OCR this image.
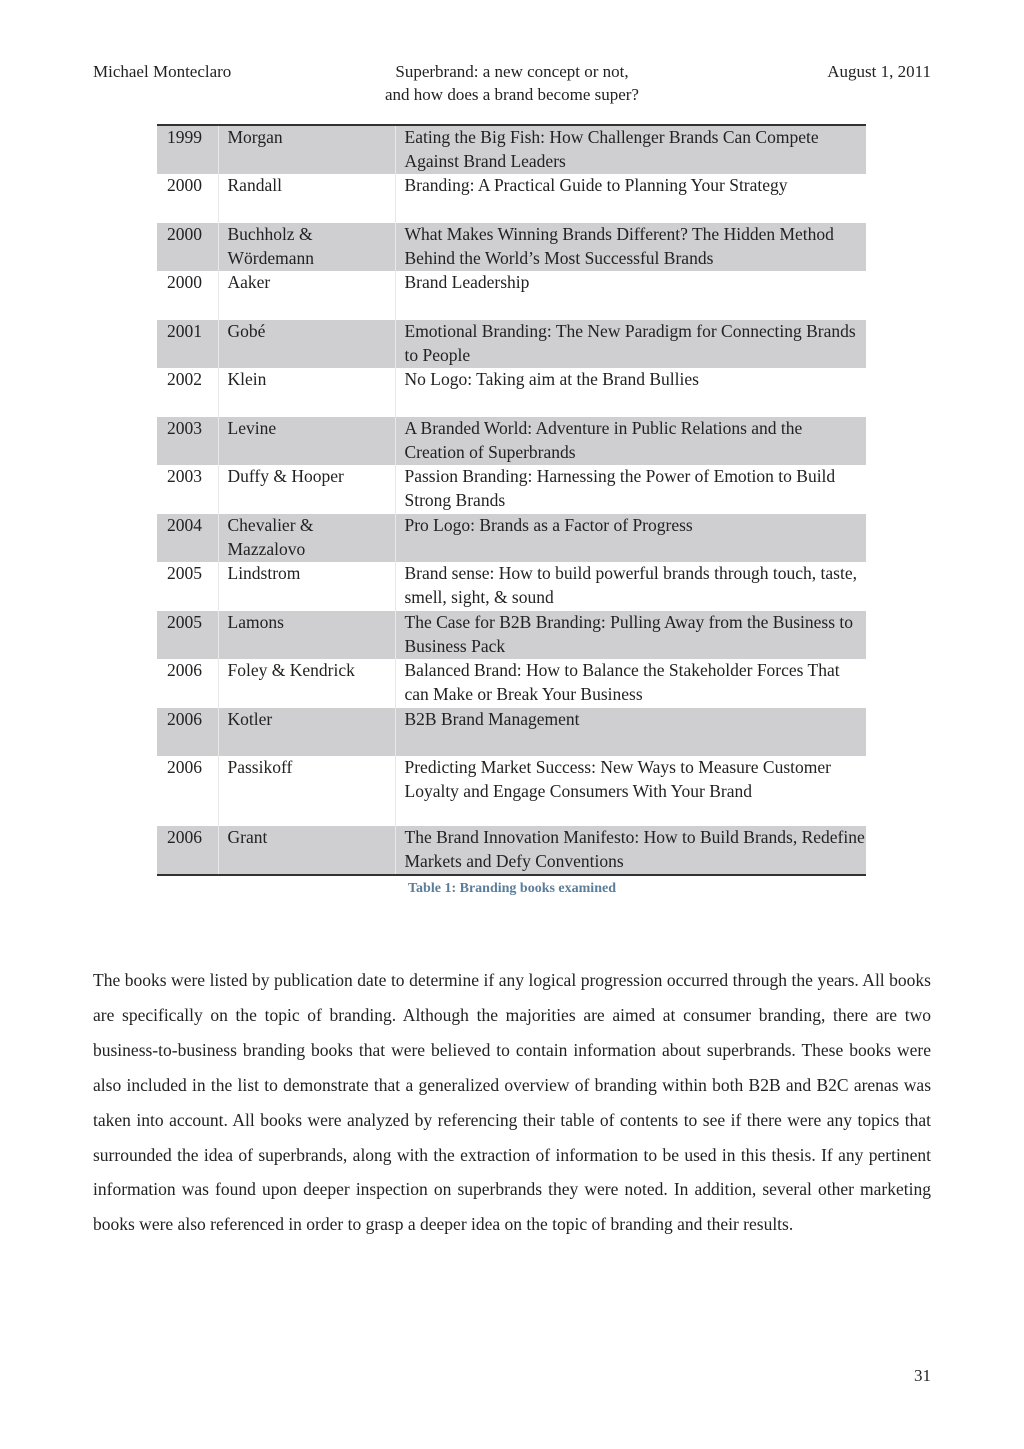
Michael Monteclaro	Superbrand: a new concept or not,
and how does a brand become super?
August 1, 2011
1999	Morgan	Eating the Big Fish: How Challenger Brands Can Compete Against Brand Leaders
2000	Randall	Branding: A Practical Guide to Planning Your Strategy
2000	Buchholz & Wördemann	What Makes Winning Brands Different? The Hidden Method Behind the World’s Most Successful Brands
2000	Aaker	Brand Leadership
2001	Gobé	Emotional Branding: The New Paradigm for Connecting Brands to People
2002	Klein	No Logo: Taking aim at the Brand Bullies
2003	Levine	A Branded World: Adventure in Public Relations and the Creation of Superbrands
2003	Duffy & Hooper	Passion Branding: Harnessing the Power of Emotion to Build Strong Brands
2004	Chevalier & Mazzalovo	Pro Logo: Brands as a Factor of Progress
2005	Lindstrom	Brand sense: How to build powerful brands through touch, taste, smell, sight, & sound
2005	Lamons	The Case for B2B Branding: Pulling Away from the Business to Business Pack
2006	Foley & Kendrick	Balanced Brand: How to Balance the Stakeholder Forces That can Make or Break Your Business
2006	Kotler	B2B Brand Management
2006	Passikoff	Predicting Market Success: New Ways to Measure Customer Loyalty and Engage Consumers With Your Brand
2006	Grant	The Brand Innovation Manifesto: How to Build Brands, Redefine Markets and Defy Conventions
Table 1: Branding books examined

The books were listed by publication date to determine if any logical progression occurred through the years. All books are specifically on the topic of branding. Although the majorities are aimed at consumer branding, there are two business-to-business branding books that were believed to contain information about superbrands. These books were also included in the list to demonstrate that a generalized overview of branding within both B2B and B2C arenas was taken into account. All books were analyzed by referencing their table of contents to see if there were any topics that surrounded the idea of superbrands, along with the extraction of information to be used in this thesis. If any pertinent information was found upon deeper inspection on superbrands they were noted. In addition, several other marketing books were also referenced in order to grasp a deeper idea on the topic of branding and their results.

31
